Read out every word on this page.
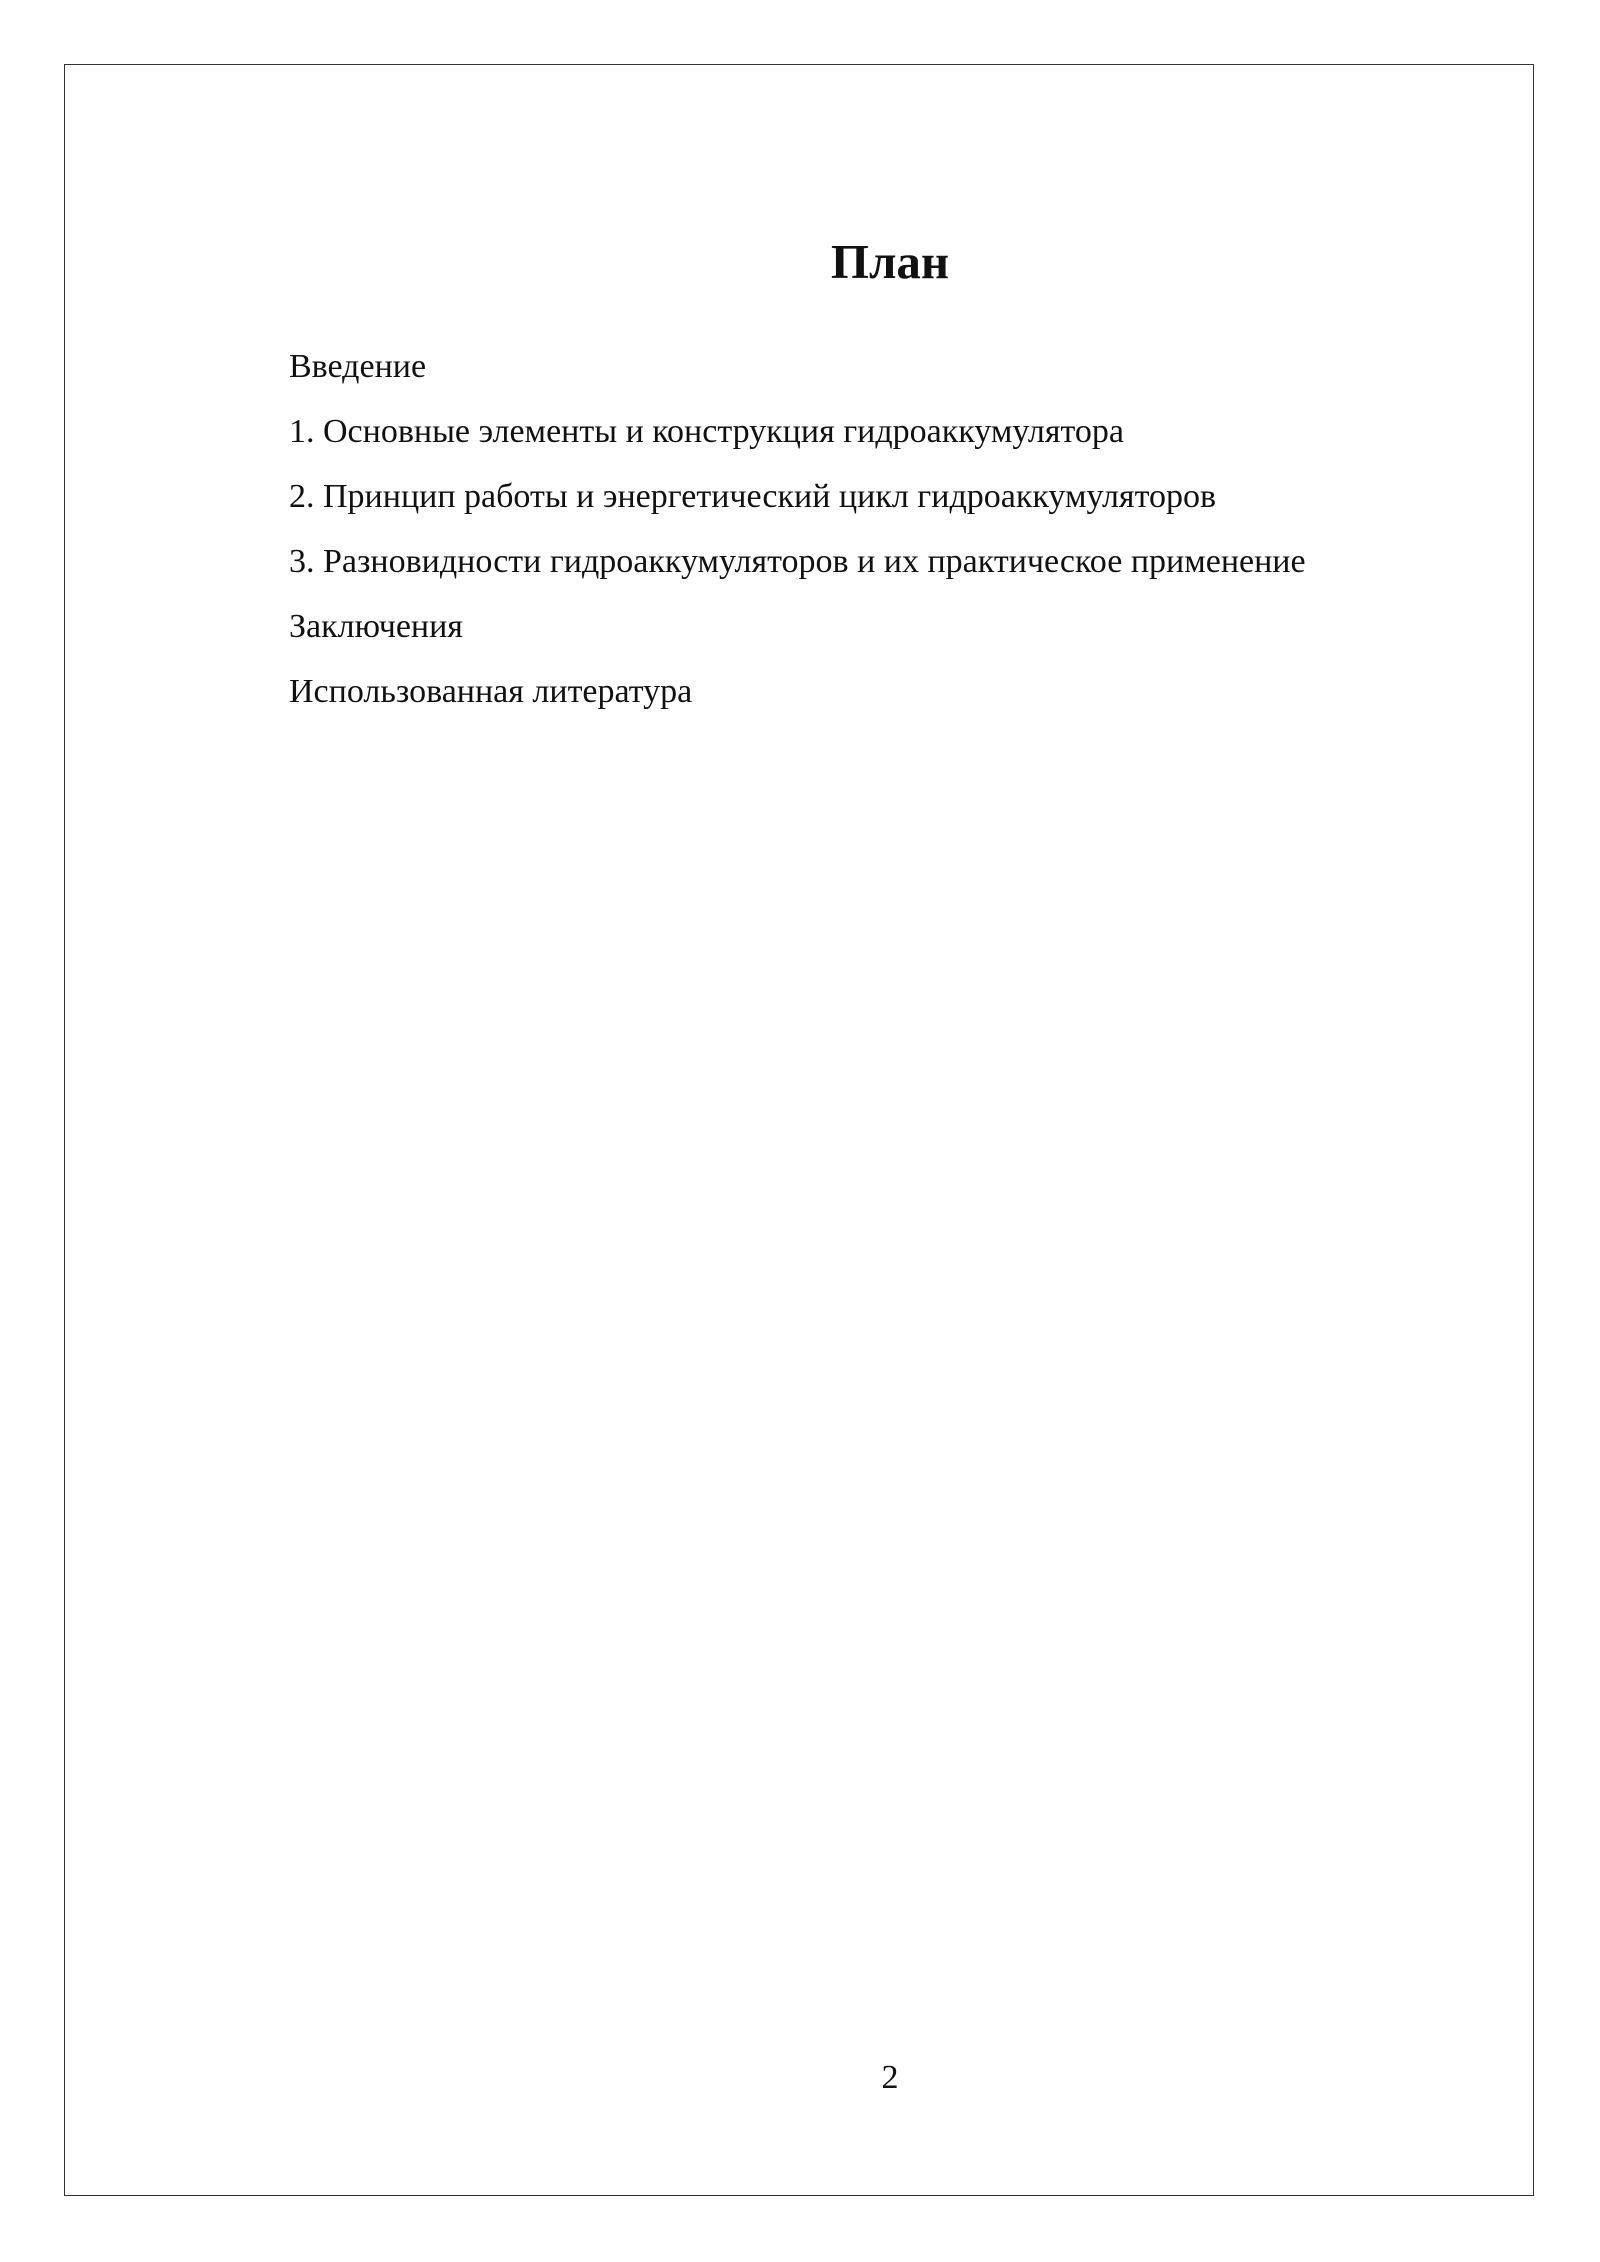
План
Введение
1. Основные элементы и конструкция гидроаккумулятора
2. Принцип работы и энергетический цикл гидроаккумуляторов
3. Разновидности гидроаккумуляторов и их практическое применение
Заключения
Использованная литература
2
